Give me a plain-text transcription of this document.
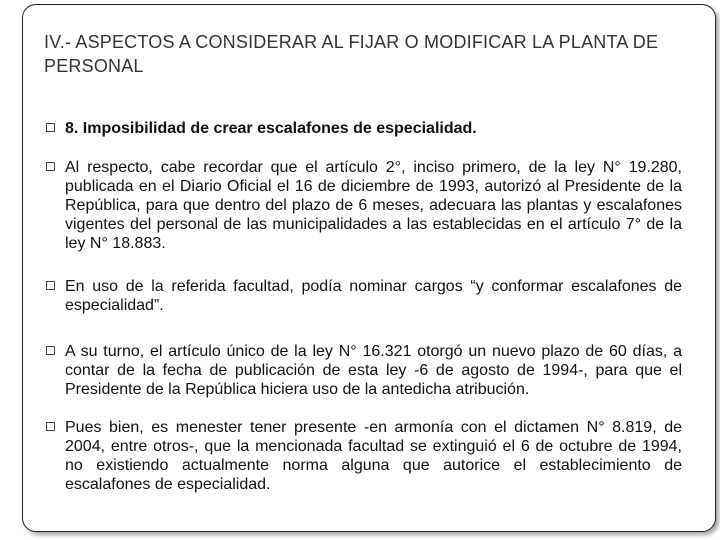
IV.- ASPECTOS A CONSIDERAR AL FIJAR O MODIFICAR LA PLANTA DE PERSONAL
8. Imposibilidad de crear escalafones de especialidad.
Al respecto, cabe recordar que el artículo 2°, inciso primero, de la ley N° 19.280, publicada en el Diario Oficial el 16 de diciembre de 1993, autorizó al Presidente de la República, para que dentro del plazo de 6 meses, adecuara las plantas y escalafones vigentes del personal de las municipalidades a las establecidas en el artículo 7° de la ley N° 18.883.
En uso de la referida facultad, podía nominar cargos “y conformar escalafones de especialidad”.
A su turno, el artículo único de la ley N° 16.321 otorgó un nuevo plazo de 60 días, a contar de la fecha de publicación de esta ley -6 de agosto de 1994-, para que el Presidente de la República hiciera uso de la antedicha atribución.
Pues bien, es menester tener presente -en armonía con el dictamen N° 8.819, de 2004, entre otros-, que la mencionada facultad se extinguió el 6 de octubre de 1994, no existiendo actualmente norma alguna que autorice el establecimiento de escalafones de especialidad.
